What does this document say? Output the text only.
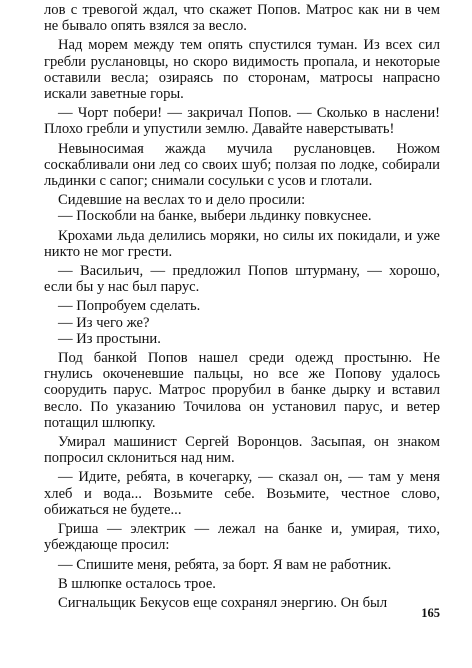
лов с тревогой ждал, что скажет Попов. Матрос как ни в чем не бывало опять взялся за весло.

Над морем между тем опять спустился туман. Из всех сил гребли руслановцы, но скоро видимость пропала, и некоторые оставили весла; озираясь по сторонам, матросы напрасно искали заветные горы.

— Чорт побери! — закричал Попов. — Сколько в наслени! Плохо гребли и упустили землю. Давайте наверстывать!

Невыносимая жажда мучила руслановцев. Ножом соскабливали они лед со своих шуб; ползая по лодке, собирали льдинки с сапог; снимали сосульки с усов и глотали.

Сидевшие на веслах то и дело просили:

— Поскобли на банке, выбери льдинку повкуснее.

Крохами льда делились моряки, но силы их покидали, и уже никто не мог грести.

— Васильич, — предложил Попов штурману, — хорошо, если бы у нас был парус.

— Попробуем сделать.

— Из чего же?

— Из простыни.

Под банкой Попов нашел среди одежд простыню. Не гнулись окоченевшие пальцы, но все же Попову удалось соорудить парус. Матрос прорубил в банке дырку и вставил весло. По указанию Точилова он установил парус, и ветер потащил шлюпку.

Умирал машинист Сергей Воронцов. Засыпая, он знаком попросил склониться над ним.

— Идите, ребята, в кочегарку, — сказал он, — там у меня хлеб и вода... Возьмите себе. Возьмите, честное слово, обижаться не будете...

Гриша — электрик — лежал на банке и, умирая, тихо, убеждающе просил:

— Спишите меня, ребята, за борт. Я вам не работник.

В шлюпке осталось трое.

Сигнальщик Бекусов еще сохранял энергию. Он был

165
